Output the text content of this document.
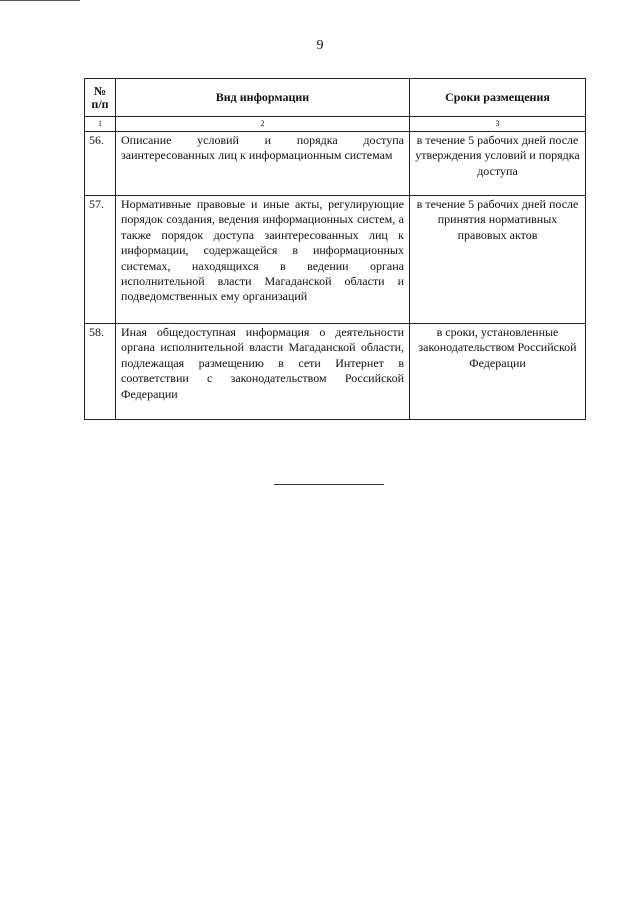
9
№
п/п	Вид информации	Сроки размещения
1	2	3
56.	Описание условий и порядка доступа заинтересованных лиц к информационным системам	в течение 5 рабочих дней после утверждения условий и порядка доступа
57.	Нормативные правовые и иные акты, регулирующие порядок создания, ведения информационных систем, а также порядок доступа заинтересованных лиц к информации, содержащейся в информационных системах, находящихся в ведении органа исполнительной власти Магаданской области и подведомственных ему организаций	в течение 5 рабочих дней после принятия нормативных правовых актов
58.	Иная общедоступная информация о деятельности органа исполнительной власти Магаданской области, подлежащая размещению в сети Интернет в соответствии с законодательством Российской Федерации	в сроки, установленные законодательством Российской Федерации
